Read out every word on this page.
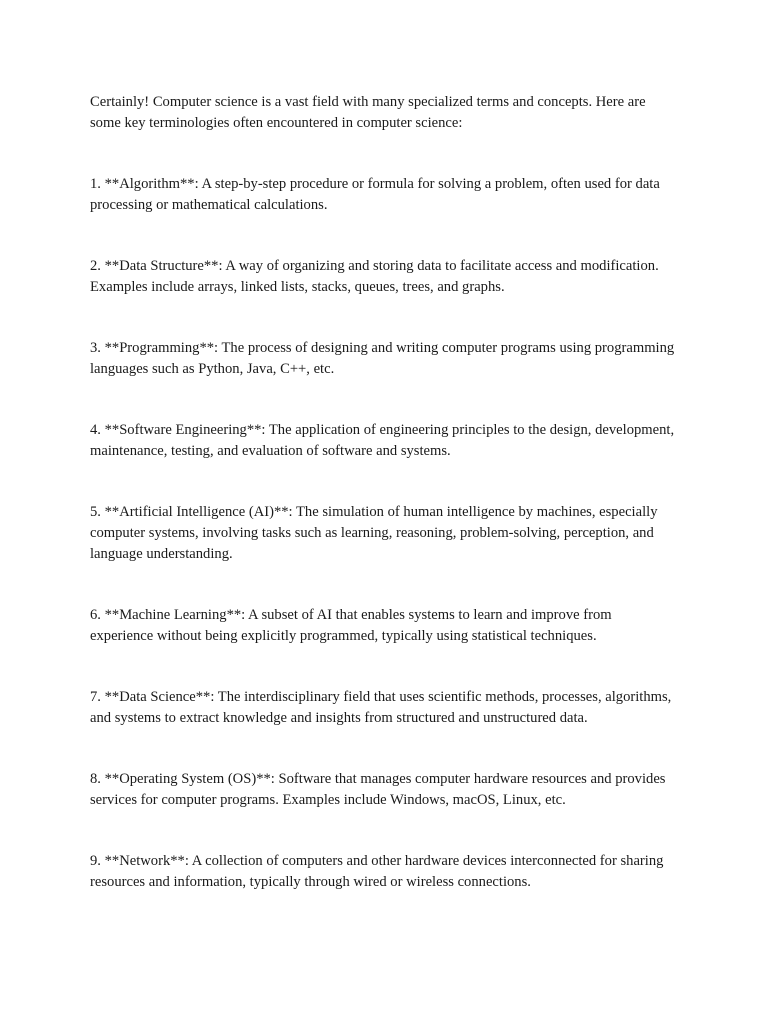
Certainly! Computer science is a vast field with many specialized terms and concepts. Here are some key terminologies often encountered in computer science:

1. **Algorithm**: A step-by-step procedure or formula for solving a problem, often used for data processing or mathematical calculations.

2. **Data Structure**: A way of organizing and storing data to facilitate access and modification. Examples include arrays, linked lists, stacks, queues, trees, and graphs.

3. **Programming**: The process of designing and writing computer programs using programming languages such as Python, Java, C++, etc.

4. **Software Engineering**: The application of engineering principles to the design, development, maintenance, testing, and evaluation of software and systems.

5. **Artificial Intelligence (AI)**: The simulation of human intelligence by machines, especially computer systems, involving tasks such as learning, reasoning, problem-solving, perception, and language understanding.

6. **Machine Learning**: A subset of AI that enables systems to learn and improve from experience without being explicitly programmed, typically using statistical techniques.

7. **Data Science**: The interdisciplinary field that uses scientific methods, processes, algorithms, and systems to extract knowledge and insights from structured and unstructured data.

8. **Operating System (OS)**: Software that manages computer hardware resources and provides services for computer programs. Examples include Windows, macOS, Linux, etc.

9. **Network**: A collection of computers and other hardware devices interconnected for sharing resources and information, typically through wired or wireless connections.
